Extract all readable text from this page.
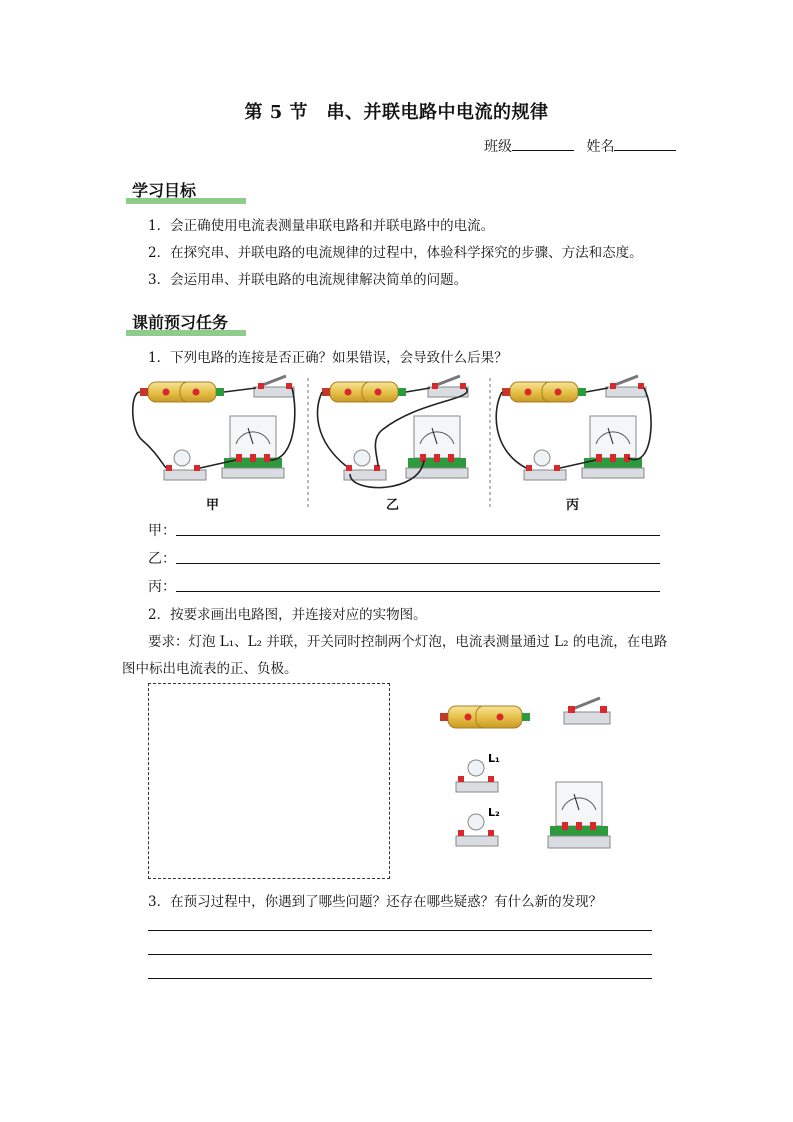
第 5 节　串、并联电路中电流的规律
班级	姓名
学习目标
1．会正确使用电流表测量串联电路和并联电路中的电流。
2．在探究串、并联电路的电流规律的过程中，体验科学探究的步骤、方法和态度。
3．会运用串、并联电路的电流规律解决简单的问题。
课前预习任务
1．下列电路的连接是否正确？如果错误，会导致什么后果？
甲	乙	丙
甲：
乙：
丙：
2．按要求画出电路图，并连接对应的实物图。
要求：灯泡 L₁、L₂ 并联，开关同时控制两个灯泡，电流表测量通过 L₂ 的电流，在电路
图中标出电流表的正、负极。
L₁
L₂
3．在预习过程中，你遇到了哪些问题？还存在哪些疑惑？有什么新的发现？
